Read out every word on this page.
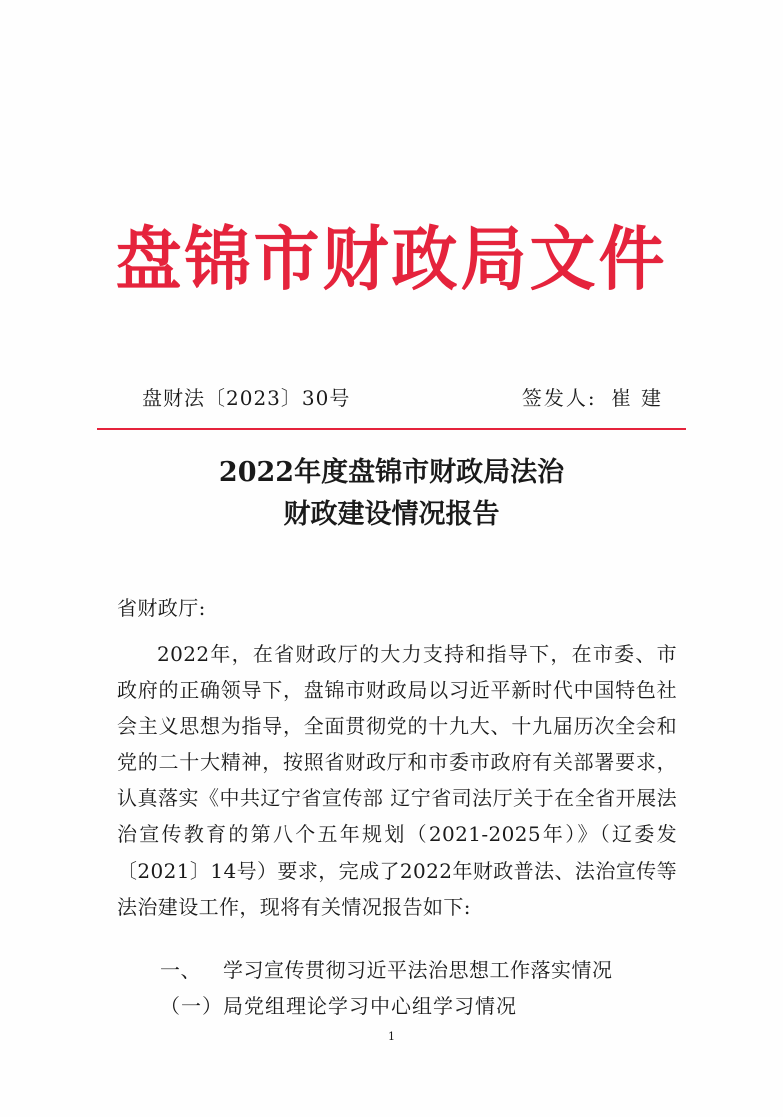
盘锦市财政局文件
盘财法〔2023〕30号	签发人: 崔建
2022年度盘锦市财政局法治
财政建设情况报告
省财政厅:
2022年，在省财政厅的大力支持和指导下，在市委、市政府的正确领导下，盘锦市财政局以习近平新时代中国特色社会主义思想为指导，全面贯彻党的十九大、十九届历次全会和党的二十大精神，按照省财政厅和市委市政府有关部署要求，认真落实《中共辽宁省宣传部 辽宁省司法厅关于在全省开展法治宣传教育的第八个五年规划（2021-2025年）》（辽委发〔2021〕14号）要求，完成了2022年财政普法、法治宣传等法治建设工作，现将有关情况报告如下:
一、 学习宣传贯彻习近平法治思想工作落实情况
（一）局党组理论学习中心组学习情况
1
